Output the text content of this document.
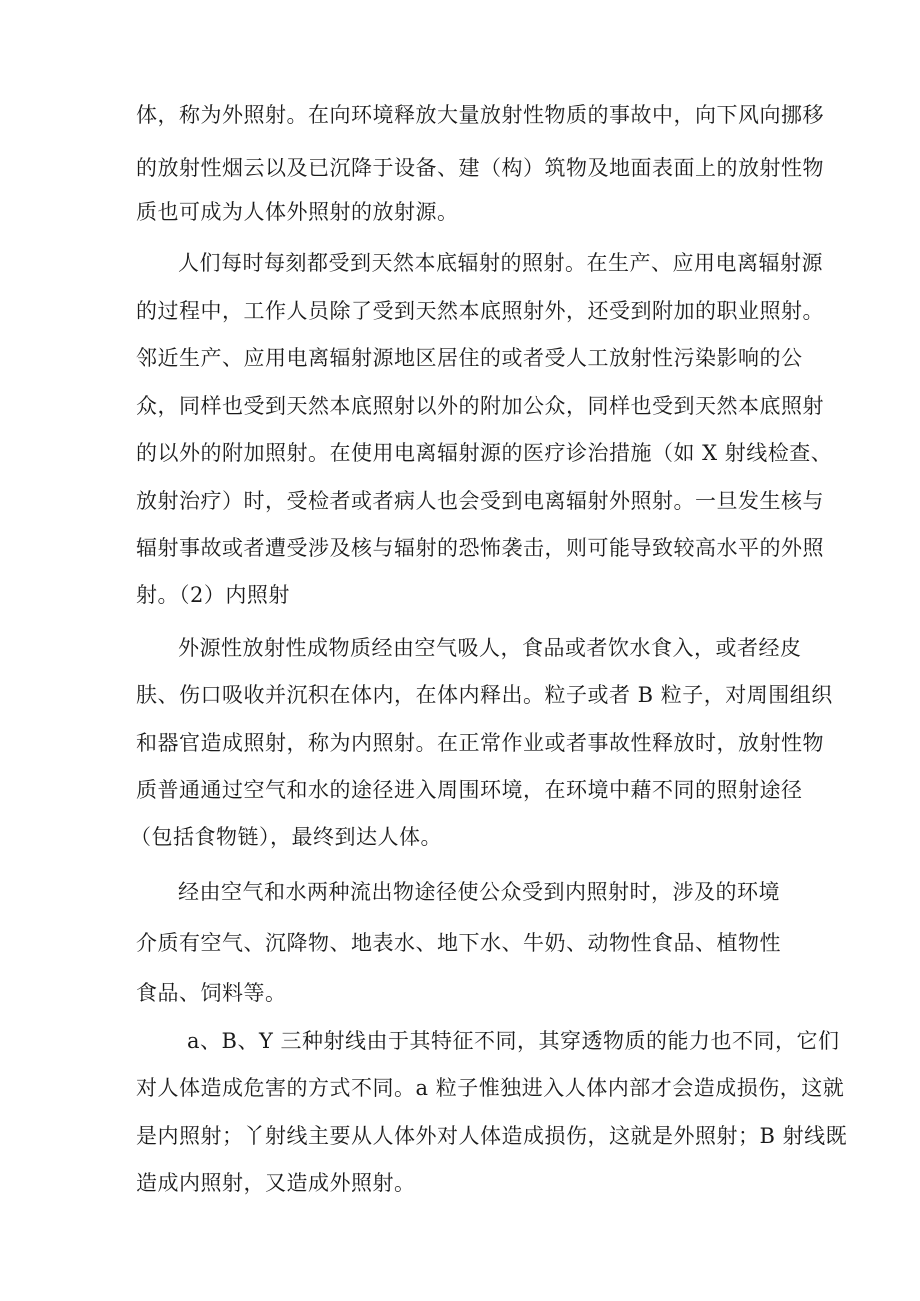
体，称为外照射。在向环境释放大量放射性物质的事故中，向下风向挪移
的放射性烟云以及已沉降于设备、建（构）筑物及地面表面上的放射性物
质也可成为人体外照射的放射源。
人们每时每刻都受到天然本底辐射的照射。在生产、应用电离辐射源
的过程中，工作人员除了受到天然本底照射外，还受到附加的职业照射。
邻近生产、应用电离辐射源地区居住的或者受人工放射性污染影响的公
众，同样也受到天然本底照射以外的附加公众，同样也受到天然本底照射
的以外的附加照射。在使用电离辐射源的医疗诊治措施（如 X 射线检查、
放射治疗）时，受检者或者病人也会受到电离辐射外照射。一旦发生核与
辐射事故或者遭受涉及核与辐射的恐怖袭击，则可能导致较高水平的外照
射。（2）内照射
外源性放射性成物质经由空气吸人，食品或者饮水食入，或者经皮
肤、伤口吸收并沉积在体内，在体内释出。粒子或者 B 粒子，对周围组织
和器官造成照射，称为内照射。在正常作业或者事故性释放时，放射性物
质普通通过空气和水的途径进入周围环境，在环境中藉不同的照射途径
（包括食物链），最终到达人体。
经由空气和水两种流出物途径使公众受到内照射时，涉及的环境
介质有空气、沉降物、地表水、地下水、牛奶、动物性食品、植物性
食品、饲料等。
a、B、Y 三种射线由于其特征不同，其穿透物质的能力也不同，它们
对人体造成危害的方式不同。a 粒子惟独进入人体内部才会造成损伤，这就
是内照射；丫射线主要从人体外对人体造成损伤，这就是外照射；B 射线既
造成内照射，又造成外照射。
